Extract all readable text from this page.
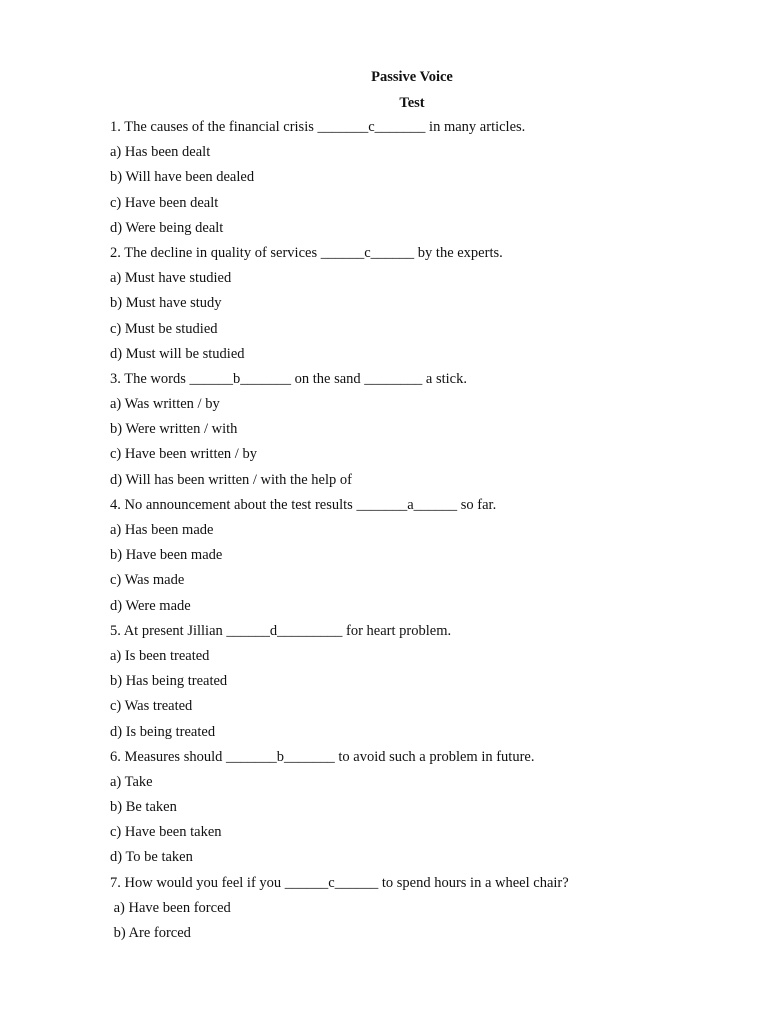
Passive Voice
Test
1. The causes of the financial crisis _______c_______ in many articles.
a) Has been dealt
b) Will have been dealed
c) Have been dealt
d) Were being dealt
2. The decline in quality of services ______c______ by the experts.
a) Must have studied
b) Must have study
c) Must be studied
d) Must will be studied
3. The words ______b_______ on the sand ________ a stick.
a) Was written / by
b) Were written / with
c) Have been written / by
d) Will has been written / with the help of
4. No announcement about the test results _______a______ so far.
a) Has been made
b) Have been made
c) Was made
d) Were made
5. At present Jillian ______d_________ for heart problem.
a) Is been treated
b) Has being treated
c) Was treated
d) Is being treated
6. Measures should _______b_______ to avoid such a problem in future.
a) Take
b) Be taken
c) Have been taken
d) To be taken
7. How would you feel if you ______c______ to spend hours in a wheel chair?
a) Have been forced
b) Are forced
